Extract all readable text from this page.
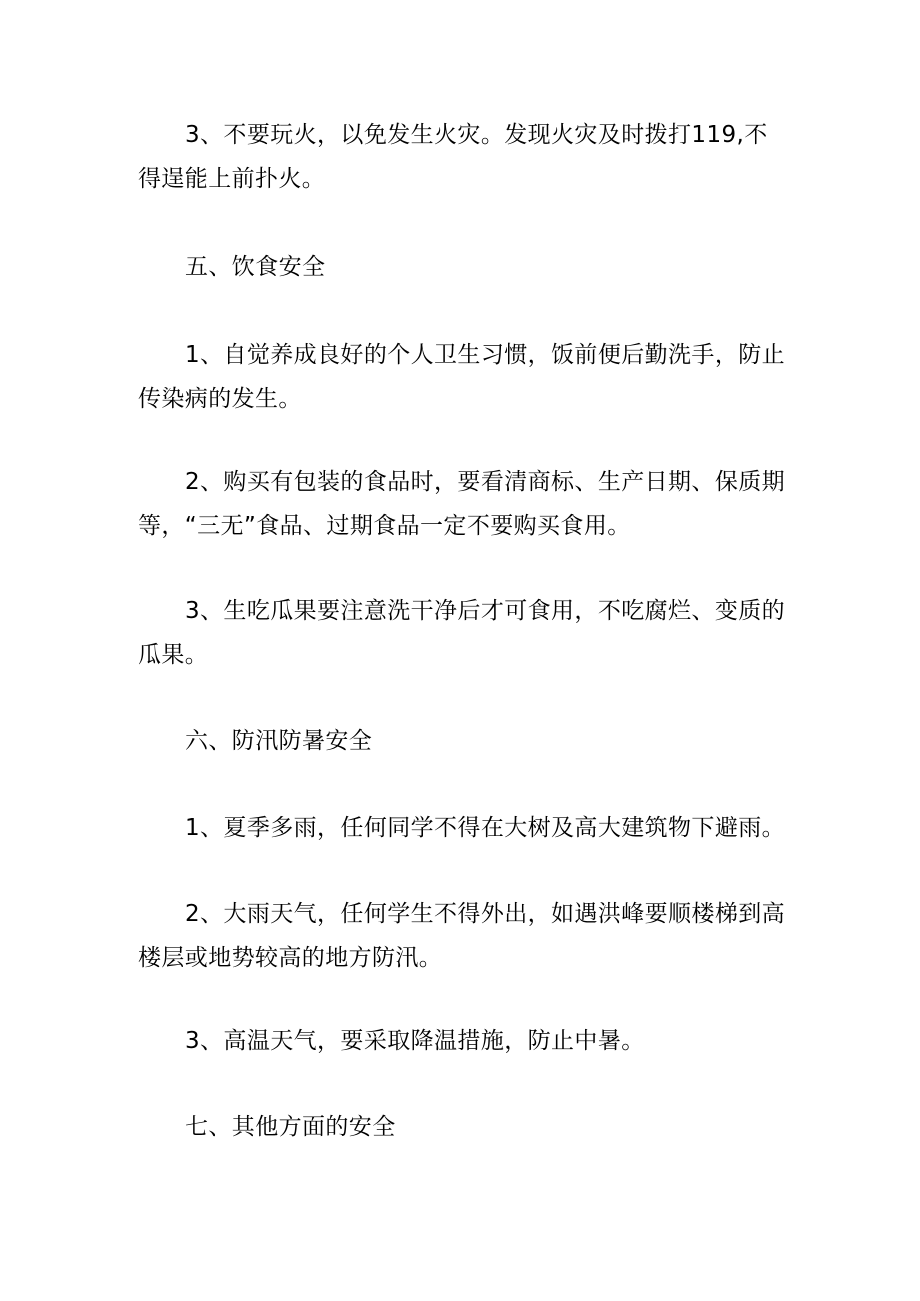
3、不要玩火，以免发生火灾。发现火灾及时拨打119,不得逞能上前扑火。

五、饮食安全

1、自觉养成良好的个人卫生习惯，饭前便后勤洗手，防止传染病的发生。

2、购买有包装的食品时，要看清商标、生产日期、保质期等，“三无”食品、过期食品一定不要购买食用。

3、生吃瓜果要注意洗干净后才可食用，不吃腐烂、变质的瓜果。

六、防汛防暑安全

1、夏季多雨，任何同学不得在大树及高大建筑物下避雨。

2、大雨天气，任何学生不得外出，如遇洪峰要顺楼梯到高楼层或地势较高的地方防汛。

3、高温天气，要采取降温措施，防止中暑。

七、其他方面的安全
